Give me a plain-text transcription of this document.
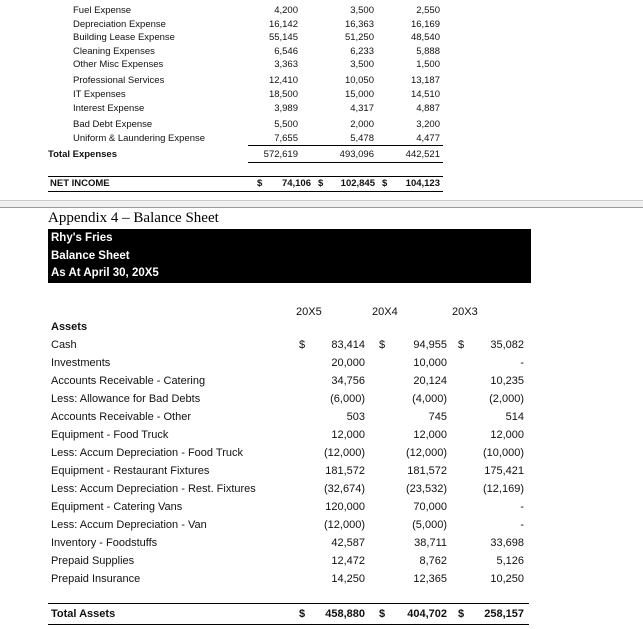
Fuel Expense	4,200	3,500	2,550
Depreciation Expense	16,142	16,363	16,169
Building Lease Expense	55,145	51,250	48,540
Cleaning Expenses	6,546	6,233	5,888
Other Misc Expenses	3,363	3,500	1,500
Professional Services	12,410	10,050	13,187
IT Expenses	18,500	15,000	14,510
Interest Expense	3,989	4,317	4,887
Bad Debt Expense	5,500	2,000	3,200
Uniform & Laundering Expense	7,655	5,478	4,477
Total Expenses	572,619	493,096	442,521
NET INCOME	$	74,106 $	102,845 $	104,123
Appendix 4 – Balance Sheet
Rhy's Fries
Balance Sheet
As At April 30, 20X5
20X5	20X4	20X3
Assets
Cash	$	83,414 $	94,955 $	35,082
Investments	20,000	10,000	-
Accounts Receivable - Catering	34,756	20,124	10,235
Less: Allowance for Bad Debts	(6,000)	(4,000)	(2,000)
Accounts Receivable - Other	503	745	514
Equipment - Food Truck	12,000	12,000	12,000
Less: Accum Depreciation - Food Truck	(12,000)	(12,000)	(10,000)
Equipment - Restaurant Fixtures	181,572	181,572	175,421
Less: Accum Depreciation - Rest. Fixtures	(32,674)	(23,532)	(12,169)
Equipment - Catering Vans	120,000	70,000	-
Less: Accum Depreciation - Van	(12,000)	(5,000)	-
Inventory - Foodstuffs	42,587	38,711	33,698
Prepaid Supplies	12,472	8,762	5,126
Prepaid Insurance	14,250	12,365	10,250
Total Assets	$	458,880 $	404,702 $	258,157
